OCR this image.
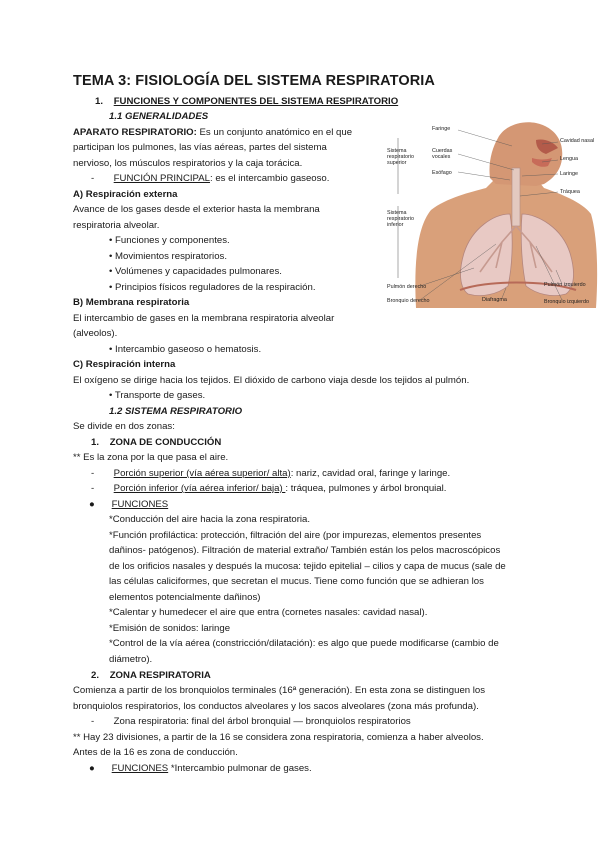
TEMA 3: FISIOLOGÍA DEL SISTEMA RESPIRATORIA
1. FUNCIONES Y COMPONENTES DEL SISTEMA RESPIRATORIO
1.1 GENERALIDADES
APARATO RESPIRATORIO: Es un conjunto anatómico en el que
participan los pulmones, las vías aéreas, partes del sistema
nervioso, los músculos respiratorios y la caja torácica.
- FUNCIÓN PRINCIPAL: es el intercambio gaseoso.
A) Respiración externa
Avance de los gases desde el exterior hasta la membrana
respiratoria alveolar.
• Funciones y componentes.
• Movimientos respiratorios.
• Volúmenes y capacidades pulmonares.
• Principios físicos reguladores de la respiración.
B) Membrana respiratoria
El intercambio de gases en la membrana respiratoria alveolar
(alveolos).
• Intercambio gaseoso o hematosis.
C) Respiración interna
El oxígeno se dirige hacia los tejidos. El dióxido de carbono viaja desde los tejidos al pulmón.
• Transporte de gases.
1.2 SISTEMA RESPIRATORIO
Se divide en dos zonas:
1. ZONA DE CONDUCCIÓN
** Es la zona por la que pasa el aire.
- Porción superior (vía aérea superior/ alta): nariz, cavidad oral, faringe y laringe.
- Porción inferior (vía aérea inferior/ baja) : tráquea, pulmones y árbol bronquial.
● FUNCIONES
*Conducción del aire hacia la zona respiratoria.
*Función profiláctica: protección, filtración del aire (por impurezas, elementos presentes
dañinos- patógenos). Filtración de material extraño/ También están los pelos macroscópicos
de los orificios nasales y después la mucosa: tejido epitelial – cilios y capa de mucus (sale de
las células caliciformes, que secretan el mucus. Tiene como función que se adhieran los
elementos potencialmente dañinos)
*Calentar y humedecer el aire que entra (cornetes nasales: cavidad nasal).
*Emisión de sonidos: laringe
*Control de la vía aérea (constricción/dilatación): es algo que puede modificarse (cambio de
diámetro).
2. ZONA RESPIRATORIA
Comienza a partir de los bronquiolos terminales (16ª generación). En esta zona se distinguen los
bronquiolos respiratorios, los conductos alveolares y los sacos alveolares (zona más profunda).
- Zona respiratoria: final del árbol bronquial — bronquiolos respiratorios
** Hay 23 divisiones, a partir de la 16 se considera zona respiratoria, comienza a haber alveolos.
Antes de la 16 es zona de conducción.
● FUNCIONES *Intercambio pulmonar de gases.
Sistema
respiratorio
superior
Sistema
respiratorio
inferior
Faringe
Cuerdas
vocales
Esófago
Cavidad nasal
Lengua
Laringe
Tráquea
Pulmón derecho
Bronquio derecho	Diafragma
Pulmón izquierdo
Bronquio izquierdo
